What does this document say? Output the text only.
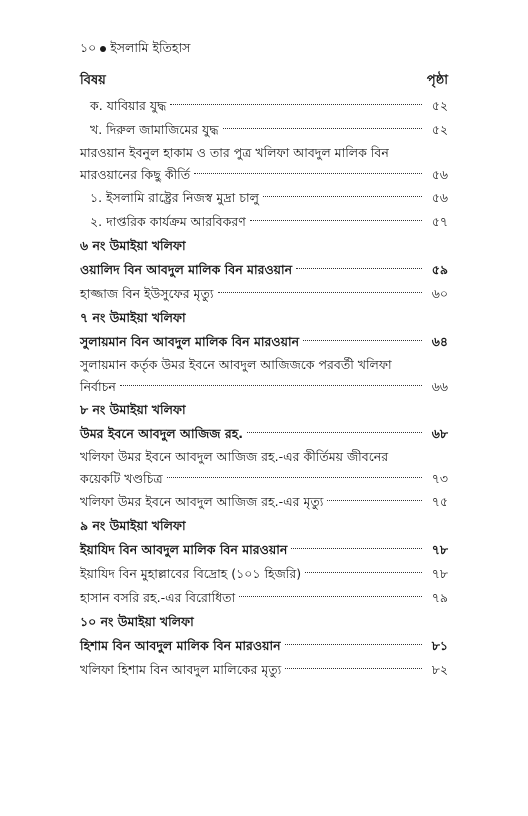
১০ ইসলামি ইতিহাস
বিষয়	পৃষ্ঠা
ক. যাবিয়ার যুদ্ধ	৫২
খ. দিরুল জামাজিমের যুদ্ধ	৫২
মারওয়ান ইবনুল হাকাম ও তার পুত্র খলিফা আবদুল মালিক বিন
মারওয়ানের কিছু কীর্তি	৫৬
১. ইসলামি রাষ্ট্রের নিজস্ব মুদ্রা চালু	৫৬
২. দাপ্তরিক কার্যক্রম আরবিকরণ	৫৭
৬ নং উমাইয়া খলিফা
ওয়ালিদ বিন আবদুল মালিক বিন মারওয়ান	৫৯
হাজ্জাজ বিন ইউসুফের মৃত্যু	৬০
৭ নং উমাইয়া খলিফা
সুলায়মান বিন আবদুল মালিক বিন মারওয়ান	৬৪
সুলায়মান কর্তৃক উমর ইবনে আবদুল আজিজকে পরবর্তী খলিফা
নির্বাচন	৬৬
৮ নং উমাইয়া খলিফা
উমর ইবনে আবদুল আজিজ রহ.	৬৮
খলিফা উমর ইবনে আবদুল আজিজ রহ.-এর কীর্তিময় জীবনের
কয়েকটি খণ্ডচিত্র	৭৩
খলিফা উমর ইবনে আবদুল আজিজ রহ.-এর মৃত্যু	৭৫
৯ নং উমাইয়া খলিফা
ইয়াযিদ বিন আবদুল মালিক বিন মারওয়ান	৭৮
ইয়াযিদ বিন মুহাল্লাবের বিদ্রোহ (১০১ হিজরি)	৭৮
হাসান বসরি রহ.-এর বিরোধিতা	৭৯
১০ নং উমাইয়া খলিফা
হিশাম বিন আবদুল মালিক বিন মারওয়ান	৮১
খলিফা হিশাম বিন আবদুল মালিকের মৃত্যু	৮২
